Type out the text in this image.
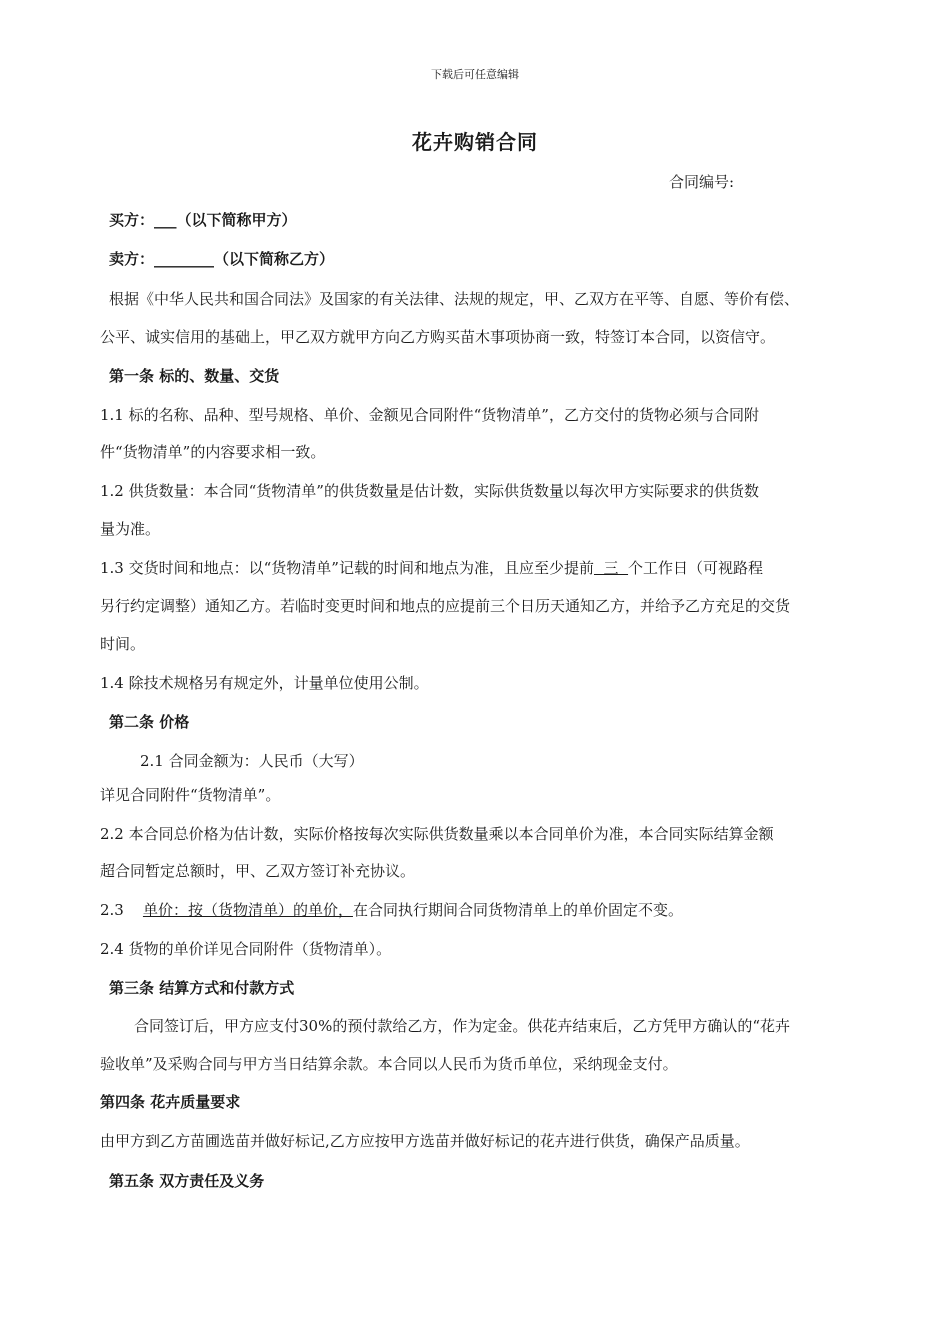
下载后可任意编辑
花卉购销合同
合同编号:
买方：___（以下简称甲方）
卖方：________（以下简称乙方）
根据《中华人民共和国合同法》及国家的有关法律、法规的规定，甲、乙双方在平等、自愿、等价有偿、
公平、诚实信用的基础上，甲乙双方就甲方向乙方购买苗木事项协商一致，特签订本合同，以资信守。
第一条 标的、数量、交货
1.1 标的名称、品种、型号规格、单价、金额见合同附件“货物清单”，乙方交付的货物必须与合同附
件“货物清单”的内容要求相一致。
1.2 供货数量：本合同“货物清单”的供货数量是估计数，实际供货数量以每次甲方实际要求的供货数
量为准。
1.3 交货时间和地点：以“货物清单”记载的时间和地点为准，且应至少提前  三  个工作日（可视路程
另行约定调整）通知乙方。若临时变更时间和地点的应提前三个日历天通知乙方，并给予乙方充足的交货
时间。
1.4 除技术规格另有规定外，计量单位使用公制。
第二条 价格
2.1 合同金额为：人民币（大写）
详见合同附件“货物清单”。
2.2 本合同总价格为估计数，实际价格按每次实际供货数量乘以本合同单价为准，本合同实际结算金额
超合同暂定总额时，甲、乙双方签订补充协议。
2.3    单价：按（货物清单）的单价，在合同执行期间合同货物清单上的单价固定不变。
2.4 货物的单价详见合同附件（货物清单）。
第三条 结算方式和付款方式
合同签订后，甲方应支付30%的预付款给乙方，作为定金。供花卉结束后，乙方凭甲方确认的“花卉
验收单”及采购合同与甲方当日结算余款。本合同以人民币为货币单位，采纳现金支付。
第四条 花卉质量要求
由甲方到乙方苗圃选苗并做好标记,乙方应按甲方选苗并做好标记的花卉进行供货，确保产品质量。
第五条 双方责任及义务
